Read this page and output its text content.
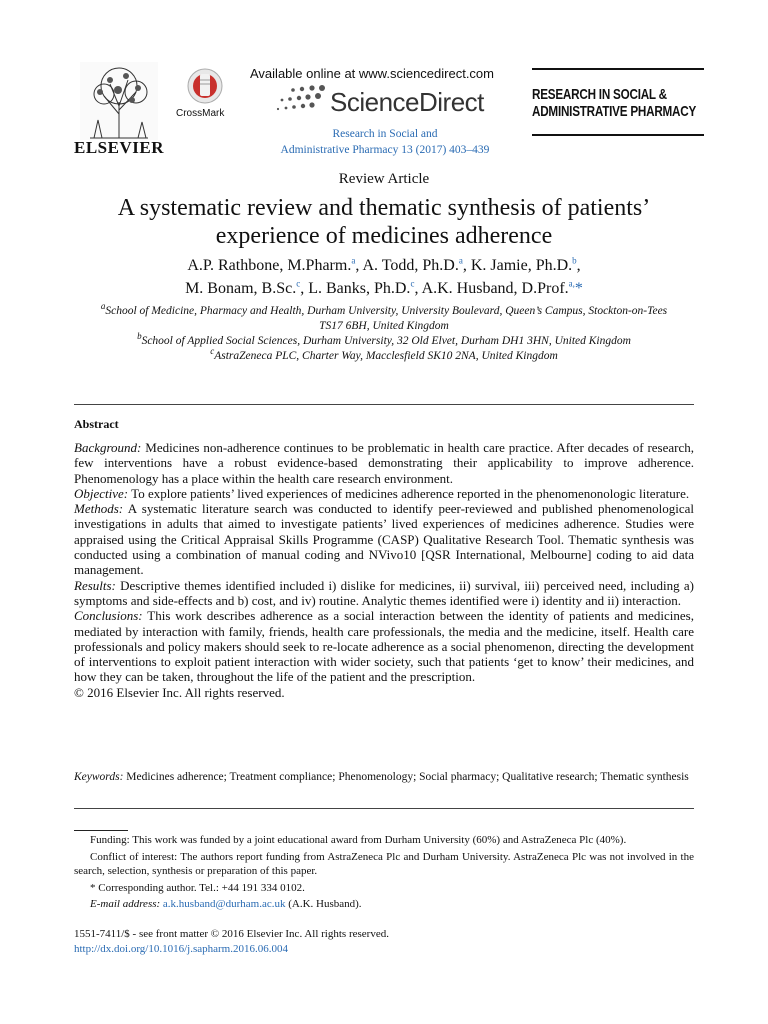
ELSEVIER
CrossMark
Available online at www.sciencedirect.com
ScienceDirect
Research in Social and
Administrative Pharmacy 13 (2017) 403–439
RESEARCH IN SOCIAL &
ADMINISTRATIVE PHARMACY
Review Article
A systematic review and thematic synthesis of patients’
experience of medicines adherence
A.P. Rathbone, M.Pharm.$^a$, A. Todd, Ph.D.$^a$, K. Jamie, Ph.D.$^b$,
M. Bonam, B.Sc.$^c$, L. Banks, Ph.D.$^c$, A.K. Husband, D.Prof.$^{a,}$*
$^a$School of Medicine, Pharmacy and Health, Durham University, University Boulevard, Queen’s Campus, Stockton-on-Tees
TS17 6BH, United Kingdom
$^b$School of Applied Social Sciences, Durham University, 32 Old Elvet, Durham DH1 3HN, United Kingdom
$^c$AstraZeneca PLC, Charter Way, Macclesfield SK10 2NA, United Kingdom
Abstract

Background: Medicines non-adherence continues to be problematic in health care practice. After decades of research, few interventions have a robust evidence-based demonstrating their applicability to improve adherence. Phenomenology has a place within the health care research environment.

Objective: To explore patients’ lived experiences of medicines adherence reported in the phenomenonologic literature.

Methods: A systematic literature search was conducted to identify peer-reviewed and published phenomenological investigations in adults that aimed to investigate patients’ lived experiences of medicines adherence. Studies were appraised using the Critical Appraisal Skills Programme (CASP) Qualitative Research Tool. Thematic synthesis was conducted using a combination of manual coding and NVivo10 [QSR International, Melbourne] coding to aid data management.

Results: Descriptive themes identified included i) dislike for medicines, ii) survival, iii) perceived need, including a) symptoms and side-effects and b) cost, and iv) routine. Analytic themes identified were i) identity and ii) interaction.

Conclusions: This work describes adherence as a social interaction between the identity of patients and medicines, mediated by interaction with family, friends, health care professionals, the media and the medicine, itself. Health care professionals and policy makers should seek to re-locate adherence as a social phenomenon, directing the development of interventions to exploit patient interaction with wider society, such that patients ‘get to know’ their medicines, and how they can be taken, throughout the life of the patient and the prescription.

© 2016 Elsevier Inc. All rights reserved.

Keywords: Medicines adherence; Treatment compliance; Phenomenology; Social pharmacy; Qualitative research; Thematic synthesis

Funding: This work was funded by a joint educational award from Durham University (60%) and AstraZeneca Plc (40%).

Conflict of interest: The authors report funding from AstraZeneca Plc and Durham University. AstraZeneca Plc was not involved in the search, selection, synthesis or preparation of this paper.

* Corresponding author. Tel.: +44 191 334 0102.

E-mail address: a.k.husband@durham.ac.uk (A.K. Husband).

1551-7411/$ - see front matter © 2016 Elsevier Inc. All rights reserved.
http://dx.doi.org/10.1016/j.sapharm.2016.06.004
